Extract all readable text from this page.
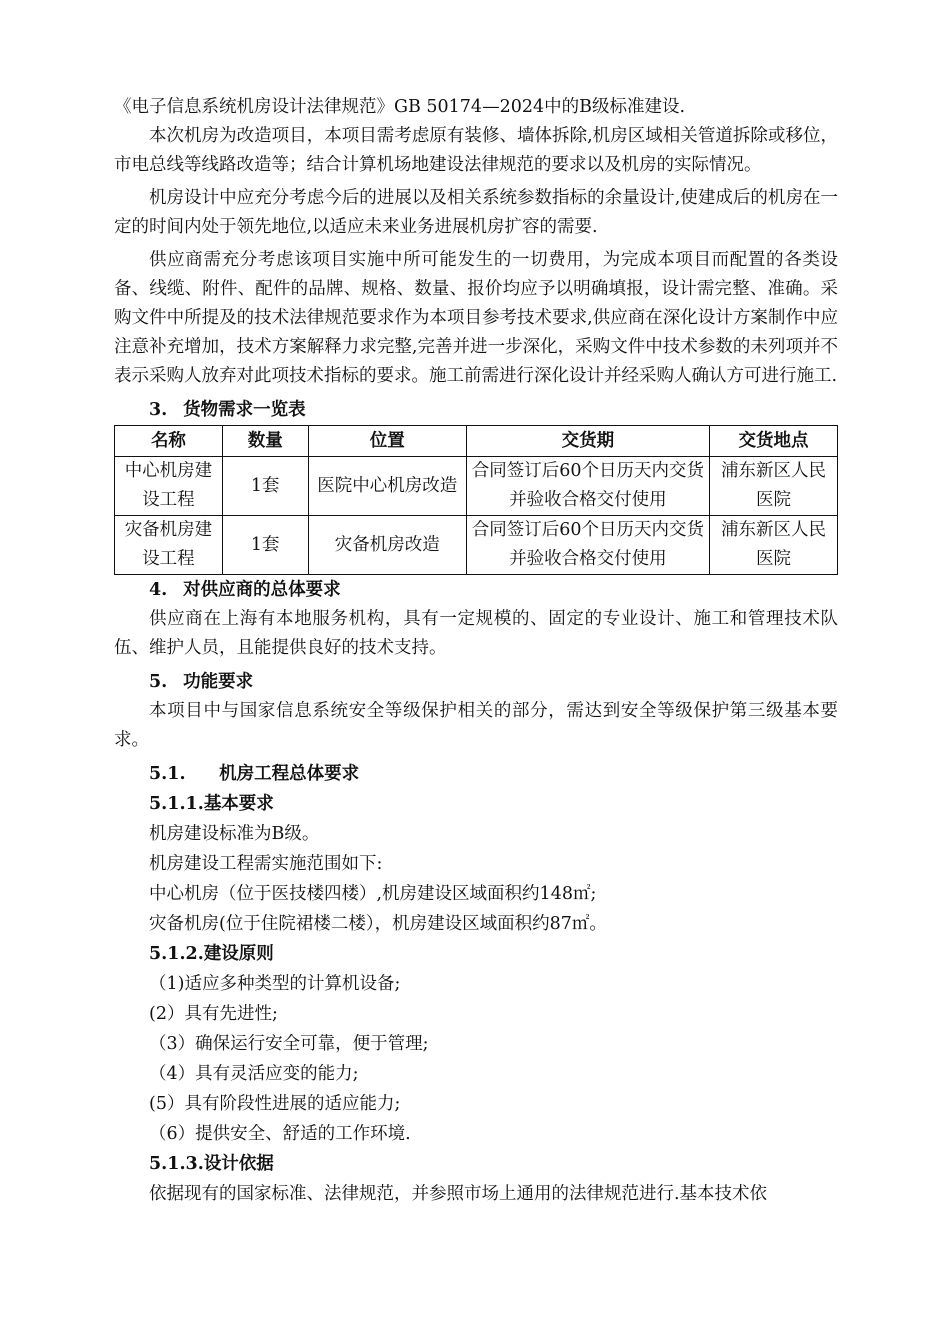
《电子信息系统机房设计法律规范》GB 50174—2024中的B级标准建设.

本次机房为改造项目，本项目需考虑原有装修、墙体拆除,机房区域相关管道拆除或移位，市电总线等线路改造等；结合计算机场地建设法律规范的要求以及机房的实际情况。

机房设计中应充分考虑今后的进展以及相关系统参数指标的余量设计,使建成后的机房在一定的时间内处于领先地位,以适应未来业务进展机房扩容的需要.

供应商需充分考虑该项目实施中所可能发生的一切费用，为完成本项目而配置的各类设备、线缆、附件、配件的品牌、规格、数量、报价均应予以明确填报，设计需完整、准确。采购文件中所提及的技术法律规范要求作为本项目参考技术要求,供应商在深化设计方案制作中应注意补充增加，技术方案解释力求完整,完善并进一步深化，采购文件中技术参数的未列项并不表示采购人放弃对此项技术指标的要求。施工前需进行深化设计并经采购人确认方可进行施工.

3. 货物需求一览表
名称	数量	位置	交货期	交货地点
中心机房建设工程	1套	医院中心机房改造	合同签订后60个日历天内交货并验收合格交付使用	浦东新区人民医院
灾备机房建设工程	1套	灾备机房改造	合同签订后60个日历天内交货并验收合格交付使用	浦东新区人民医院
4. 对供应商的总体要求

供应商在上海有本地服务机构，具有一定规模的、固定的专业设计、施工和管理技术队伍、维护人员，且能提供良好的技术支持。

5. 功能要求

本项目中与国家信息系统安全等级保护相关的部分，需达到安全等级保护第三级基本要求。

5.1. 机房工程总体要求
5.1.1.基本要求
机房建设标准为B级。
机房建设工程需实施范围如下:
中心机房（位于医技楼四楼）,机房建设区域面积约148㎡;
灾备机房(位于住院裙楼二楼），机房建设区域面积约87㎡。
5.1.2.建设原则
（1)适应多种类型的计算机设备;
(2）具有先进性;
（3）确保运行安全可靠，便于管理;
（4）具有灵活应变的能力;
(5）具有阶段性进展的适应能力;
（6）提供安全、舒适的工作环境.
5.1.3.设计依据
依据现有的国家标准、法律规范，并参照市场上通用的法律规范进行.基本技术依
